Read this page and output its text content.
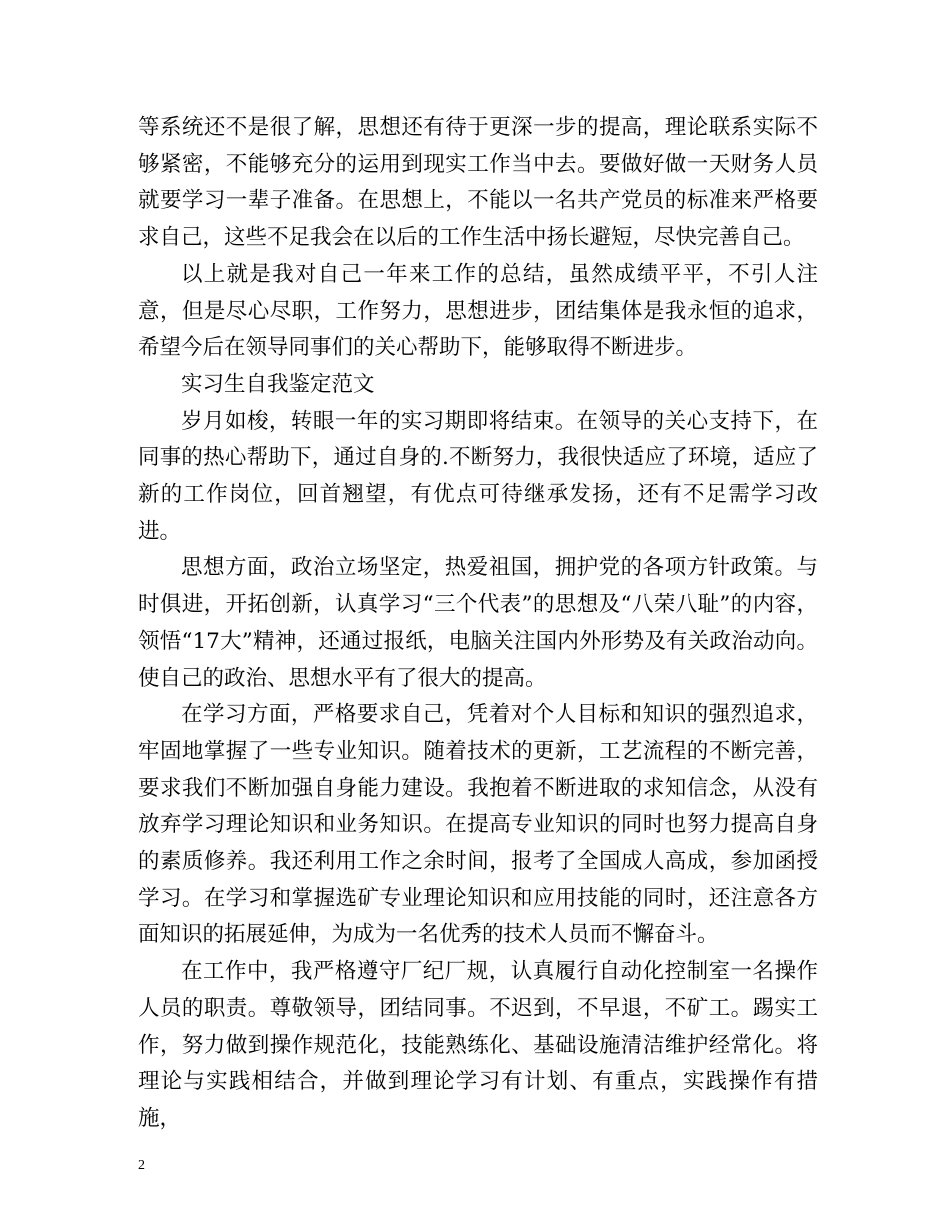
等系统还不是很了解，思想还有待于更深一步的提高，理论联系实际不够紧密，不能够充分的运用到现实工作当中去。要做好做一天财务人员就要学习一辈子准备。在思想上，不能以一名共产党员的标准来严格要求自己，这些不足我会在以后的工作生活中扬长避短，尽快完善自己。

以上就是我对自己一年来工作的总结，虽然成绩平平，不引人注意，但是尽心尽职，工作努力，思想进步，团结集体是我永恒的追求，希望今后在领导同事们的关心帮助下，能够取得不断进步。

实习生自我鉴定范文

岁月如梭，转眼一年的实习期即将结束。在领导的关心支持下，在同事的热心帮助下，通过自身的.不断努力，我很快适应了环境，适应了新的工作岗位，回首翘望，有优点可待继承发扬，还有不足需学习改进。

思想方面，政治立场坚定，热爱祖国，拥护党的各项方针政策。与时俱进，开拓创新，认真学习“三个代表”的思想及“八荣八耻”的内容，领悟“17大”精神，还通过报纸，电脑关注国内外形势及有关政治动向。使自己的政治、思想水平有了很大的提高。

在学习方面，严格要求自己，凭着对个人目标和知识的强烈追求，牢固地掌握了一些专业知识。随着技术的更新，工艺流程的不断完善，要求我们不断加强自身能力建设。我抱着不断进取的求知信念，从没有放弃学习理论知识和业务知识。在提高专业知识的同时也努力提高自身的素质修养。我还利用工作之余时间，报考了全国成人高成，参加函授学习。在学习和掌握选矿专业理论知识和应用技能的同时，还注意各方面知识的拓展延伸，为成为一名优秀的技术人员而不懈奋斗。

在工作中，我严格遵守厂纪厂规，认真履行自动化控制室一名操作人员的职责。尊敬领导，团结同事。不迟到，不早退，不矿工。踢实工作，努力做到操作规范化，技能熟练化、基础设施清洁维护经常化。将理论与实践相结合，并做到理论学习有计划、有重点，实践操作有措施，

2
